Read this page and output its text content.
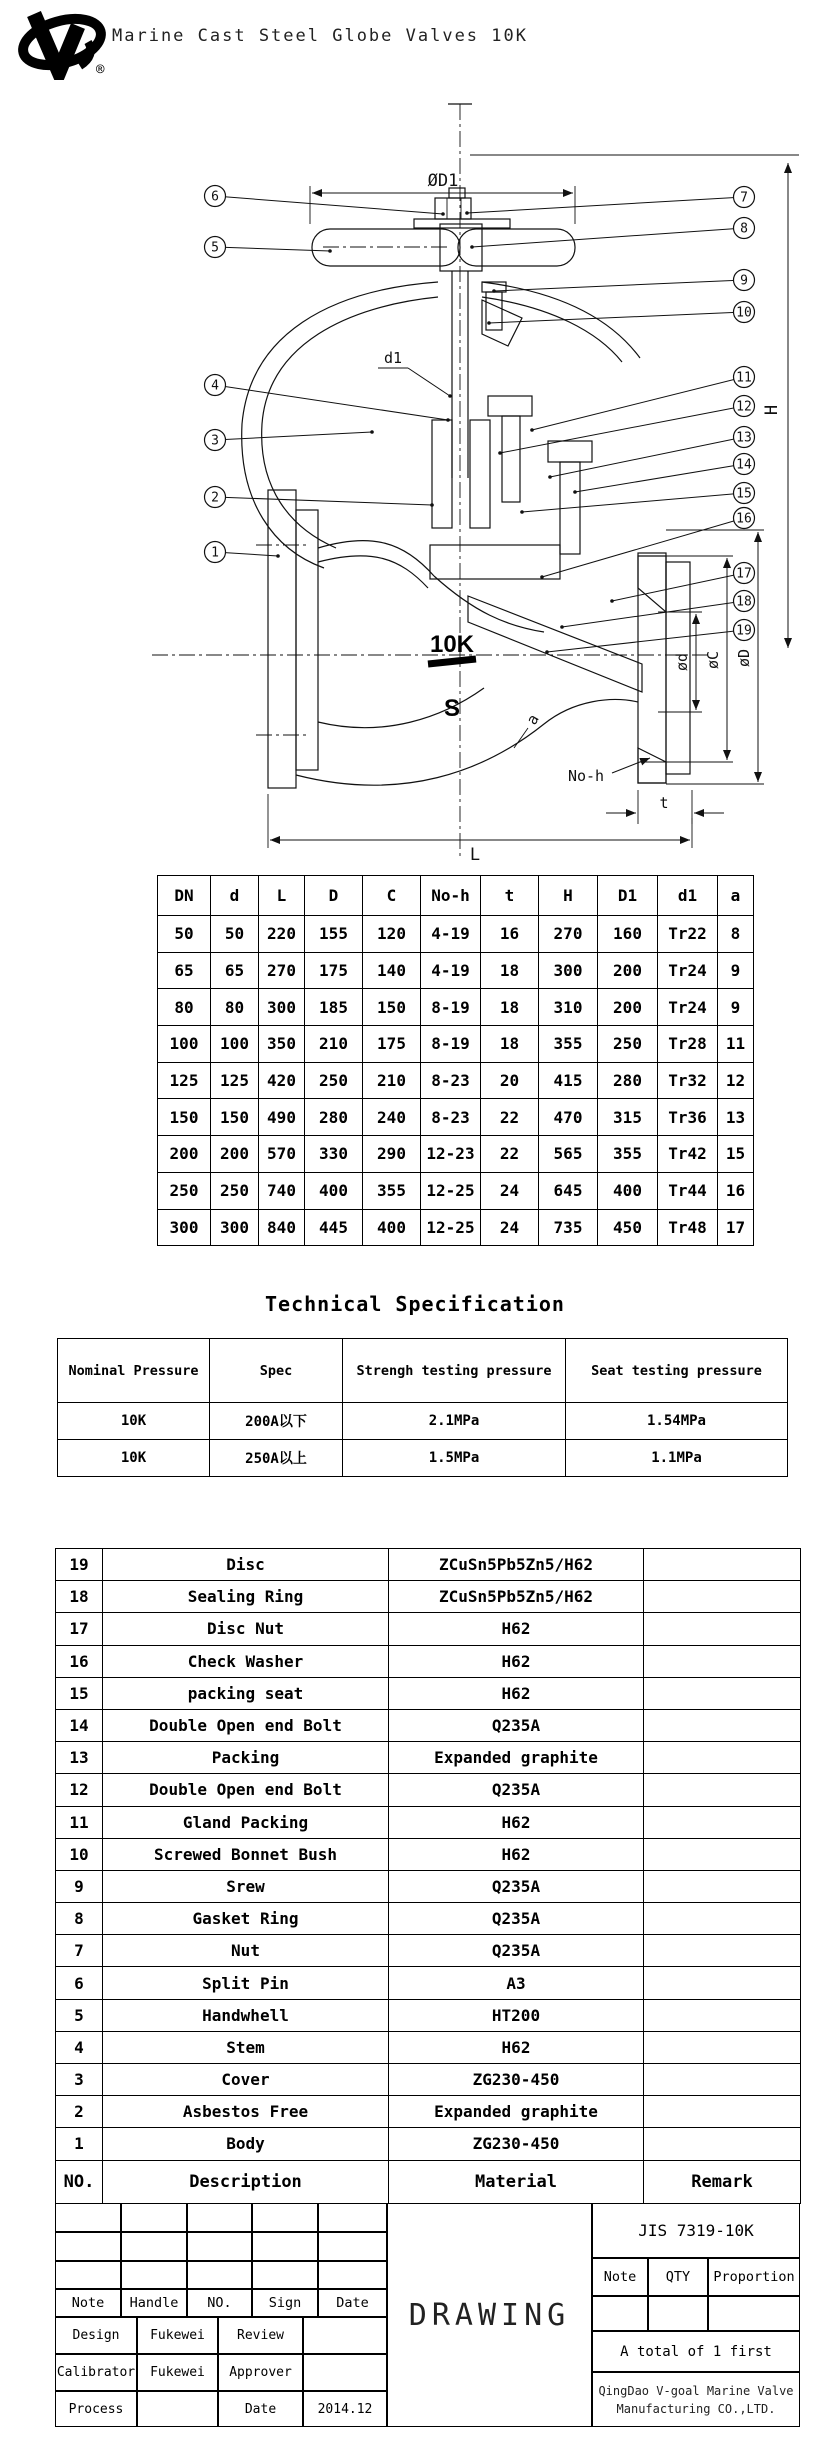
®
Marine Cast Steel Globe Valves 10K
H
ØD1
10K
S
ød øC øD
No-h
t
L
d1
a
1
2
3
4
5
6	7
8
9
10
11
12
13
14
15
16
17
18
19
DN	d	L	D	C	No-h	t	H	D1	d1	a
50	50	220	155	120	4-19	16	270	160	Tr22	8
65	65	270	175	140	4-19	18	300	200	Tr24	9
80	80	300	185	150	8-19	18	310	200	Tr24	9
100	100	350	210	175	8-19	18	355	250	Tr28	11
125	125	420	250	210	8-23	20	415	280	Tr32	12
150	150	490	280	240	8-23	22	470	315	Tr36	13
200	200	570	330	290	12-23	22	565	355	Tr42	15
250	250	740	400	355	12-25	24	645	400	Tr44	16
300	300	840	445	400	12-25	24	735	450	Tr48	17
Technical Specification
Nominal Pressure	Spec	Strengh testing pressure	Seat testing pressure
10K	200A以下	2.1MPa	1.54MPa
10K	250A以上	1.5MPa	1.1MPa
19	Disc	ZCuSn5Pb5Zn5/H62	
18	Sealing Ring	ZCuSn5Pb5Zn5/H62	
17	Disc Nut	H62	
16	Check Washer	H62	
15	packing seat	H62	
14	Double Open end Bolt	Q235A	
13	Packing	Expanded graphite	
12	Double Open end Bolt	Q235A	
11	Gland Packing	H62	
10	Screwed Bonnet Bush	H62	
9	Srew	Q235A	
8	Gasket Ring	Q235A	
7	Nut	Q235A	
6	Split Pin	A3	
5	Handwhell	HT200	
4	Stem	H62	
3	Cover	ZG230-450	
2	Asbestos Free	Expanded graphite	
1	Body	ZG230-450	
NO.	Description	Material	Remark
DRAWING
Note	Handle	NO.	Sign	Date
Design	Fukewei	Review
Calibrator	Fukewei	Approver
Process	Date	2014.12
JIS 7319-10K
Note	QTY	Proportion
A total of 1 first
QingDao V-goal Marine Valve
Manufacturing CO.,LTD.
